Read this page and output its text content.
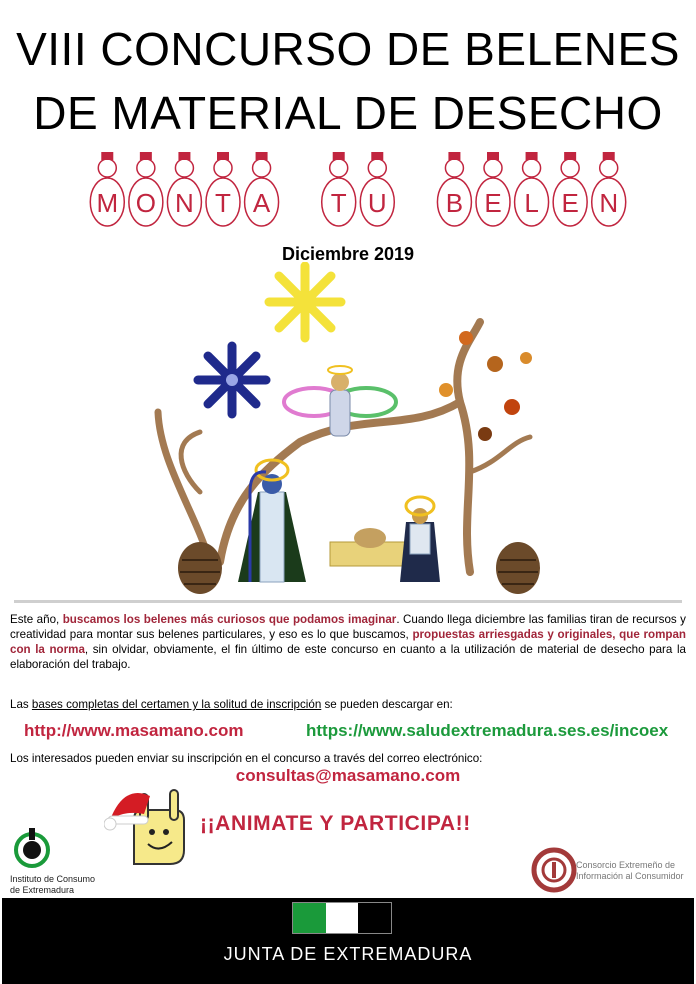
VIII CONCURSO DE BELENES
DE MATERIAL DE DESECHO
M O N T A T U B E L E N
Diciembre 2019
Este año, buscamos los belenes más curiosos que podamos imaginar. Cuando llega diciembre las familias tiran de recursos y creatividad para montar sus belenes particulares, y eso es lo que buscamos, propuestas arriesgadas y originales, que rompan con la norma, sin olvidar, obviamente, el fin último de este concurso en cuanto a la utilización de material de desecho para la elaboración del trabajo.
Las bases completas del certamen y la solitud de inscripción se pueden descargar en:
http://www.masamano.com	https://www.saludextremadura.ses.es/incoex
Los interesados pueden enviar su inscripción en el concurso a través del correo electrónico:
consultas@masamano.com
¡¡ANIMATE Y PARTICIPA!!
Instituto de Consumo
de Extremadura
Consorcio Extremeño de
Información al Consumidor
JUNTA DE EXTREMADURA
